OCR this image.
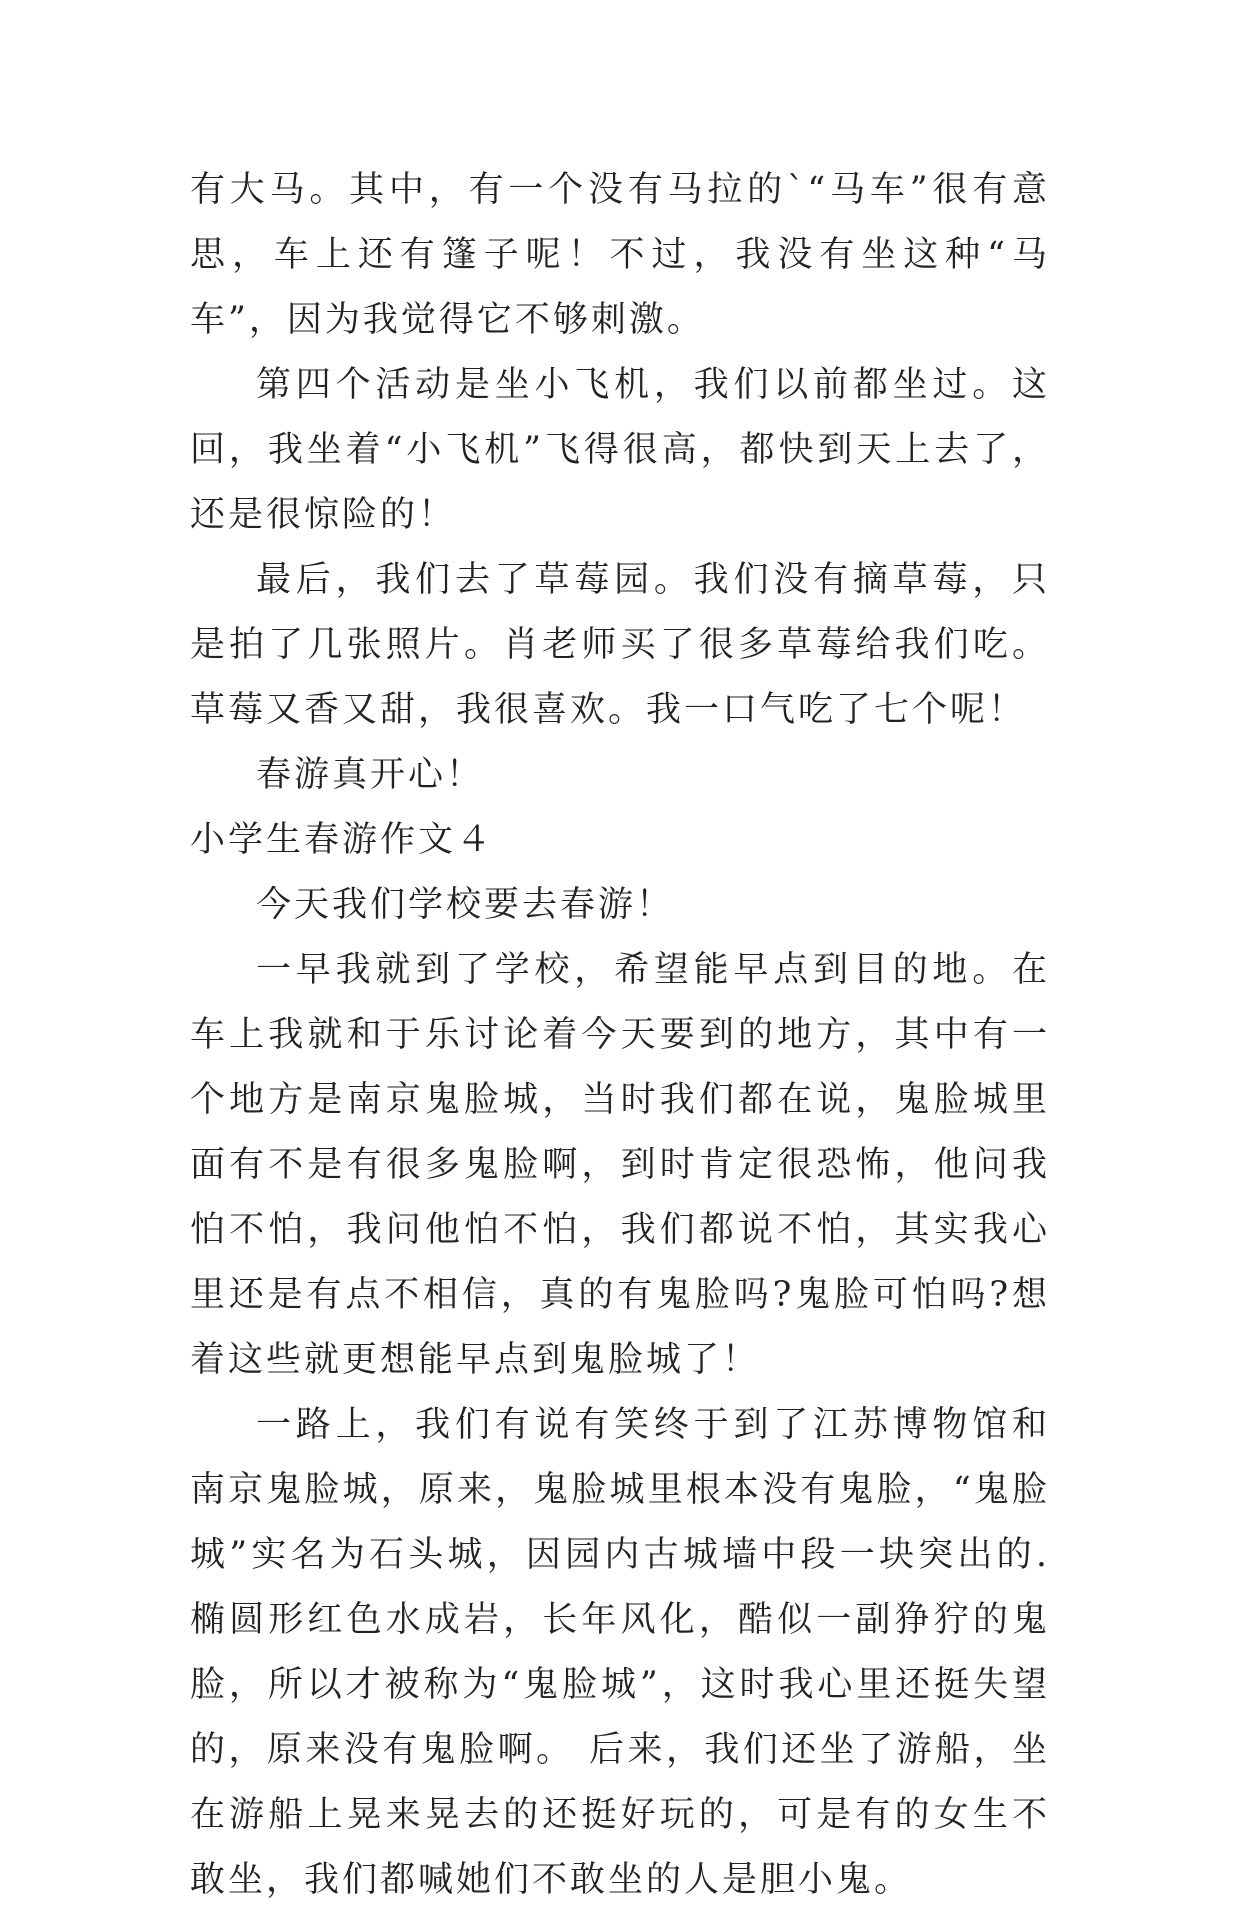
有大马。其中，有一个没有马拉的`“马车”很有意思，车上还有篷子呢！不过，我没有坐这种“马车”，因为我觉得它不够刺激。

第四个活动是坐小飞机，我们以前都坐过。这回，我坐着“小飞机”飞得很高，都快到天上去了，还是很惊险的！

最后，我们去了草莓园。我们没有摘草莓，只是拍了几张照片。肖老师买了很多草莓给我们吃。草莓又香又甜，我很喜欢。我一口气吃了七个呢！

春游真开心！

小学生春游作文４

今天我们学校要去春游！

一早我就到了学校，希望能早点到目的地。在车上我就和于乐讨论着今天要到的地方，其中有一个地方是南京鬼脸城，当时我们都在说，鬼脸城里面有不是有很多鬼脸啊，到时肯定很恐怖，他问我怕不怕，我问他怕不怕，我们都说不怕，其实我心里还是有点不相信，真的有鬼脸吗?鬼脸可怕吗?想着这些就更想能早点到鬼脸城了！

一路上，我们有说有笑终于到了江苏博物馆和南京鬼脸城，原来，鬼脸城里根本没有鬼脸，“鬼脸城”实名为石头城，因园内古城墙中段一块突出的.椭圆形红色水成岩，长年风化，酷似一副狰狞的鬼脸，所以才被称为“鬼脸城”，这时我心里还挺失望的，原来没有鬼脸啊。 后来，我们还坐了游船，坐在游船上晃来晃去的还挺好玩的，可是有的女生不敢坐，我们都喊她们不敢坐的人是胆小鬼。
